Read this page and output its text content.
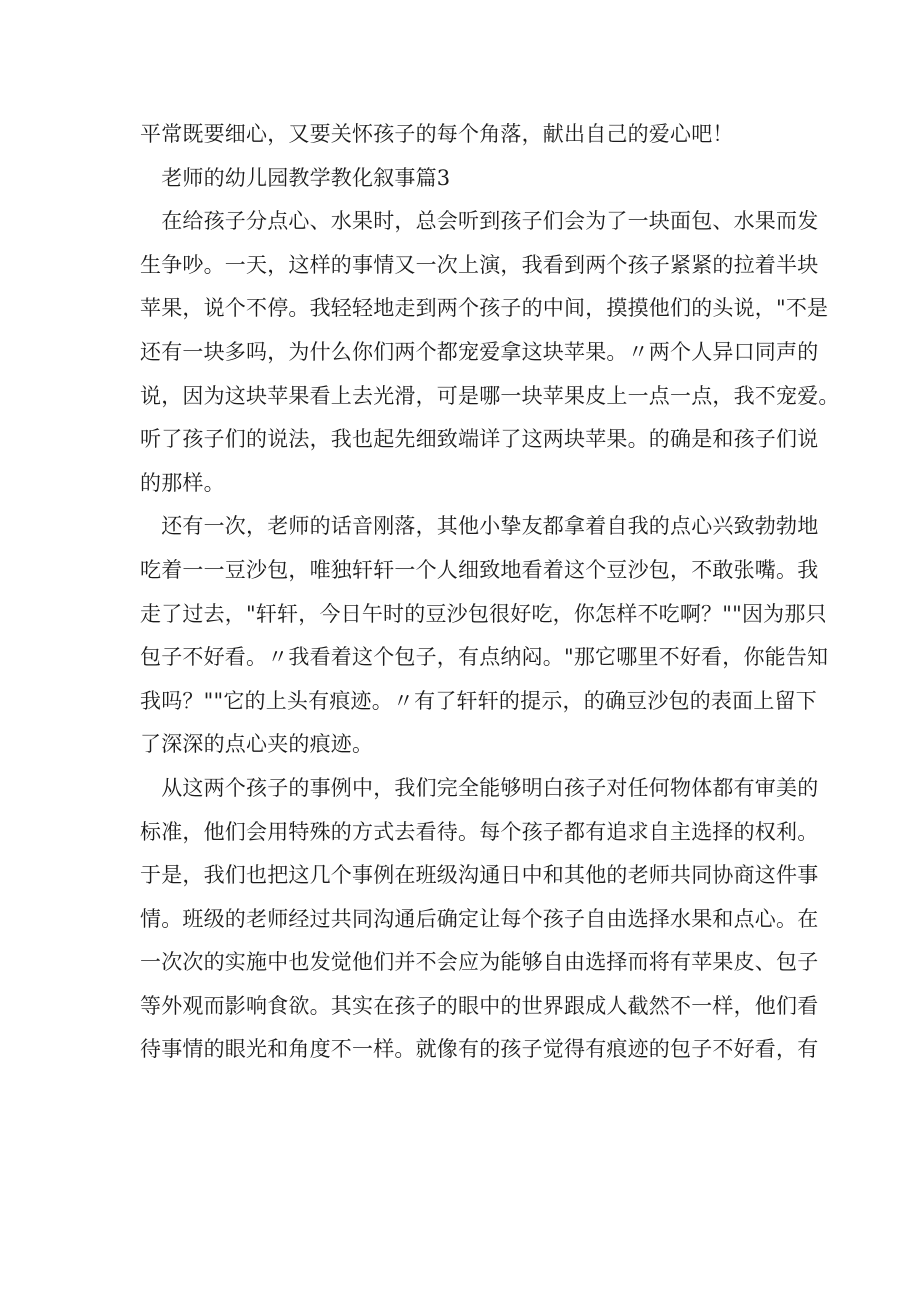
平常既要细心，又要关怀孩子的每个角落，献出自己的爱心吧！
　老师的幼儿园教学教化叙事篇3
　在给孩子分点心、水果时，总会听到孩子们会为了一块面包、水果而发
生争吵。一天，这样的事情又一次上演，我看到两个孩子紧紧的拉着半块
苹果，说个不停。我轻轻地走到两个孩子的中间，摸摸他们的头说，"不是
还有一块多吗，为什么你们两个都宠爱拿这块苹果。〃两个人异口同声的
说，因为这块苹果看上去光滑，可是哪一块苹果皮上一点一点，我不宠爱。
听了孩子们的说法，我也起先细致端详了这两块苹果。的确是和孩子们说
的那样。
　还有一次，老师的话音刚落，其他小挚友都拿着自我的点心兴致勃勃地
吃着一一豆沙包，唯独轩轩一个人细致地看着这个豆沙包，不敢张嘴。我
走了过去，"轩轩，今日午时的豆沙包很好吃，你怎样不吃啊？""因为那只
包子不好看。〃我看着这个包子，有点纳闷。"那它哪里不好看，你能告知
我吗？""它的上头有痕迹。〃有了轩轩的提示，的确豆沙包的表面上留下
了深深的点心夹的痕迹。
　从这两个孩子的事例中，我们完全能够明白孩子对任何物体都有审美的
标准，他们会用特殊的方式去看待。每个孩子都有追求自主选择的权利。
于是，我们也把这几个事例在班级沟通日中和其他的老师共同协商这件事
情。班级的老师经过共同沟通后确定让每个孩子自由选择水果和点心。在
一次次的实施中也发觉他们并不会应为能够自由选择而将有苹果皮、包子
等外观而影响食欲。其实在孩子的眼中的世界跟成人截然不一样，他们看
待事情的眼光和角度不一样。就像有的孩子觉得有痕迹的包子不好看，有
